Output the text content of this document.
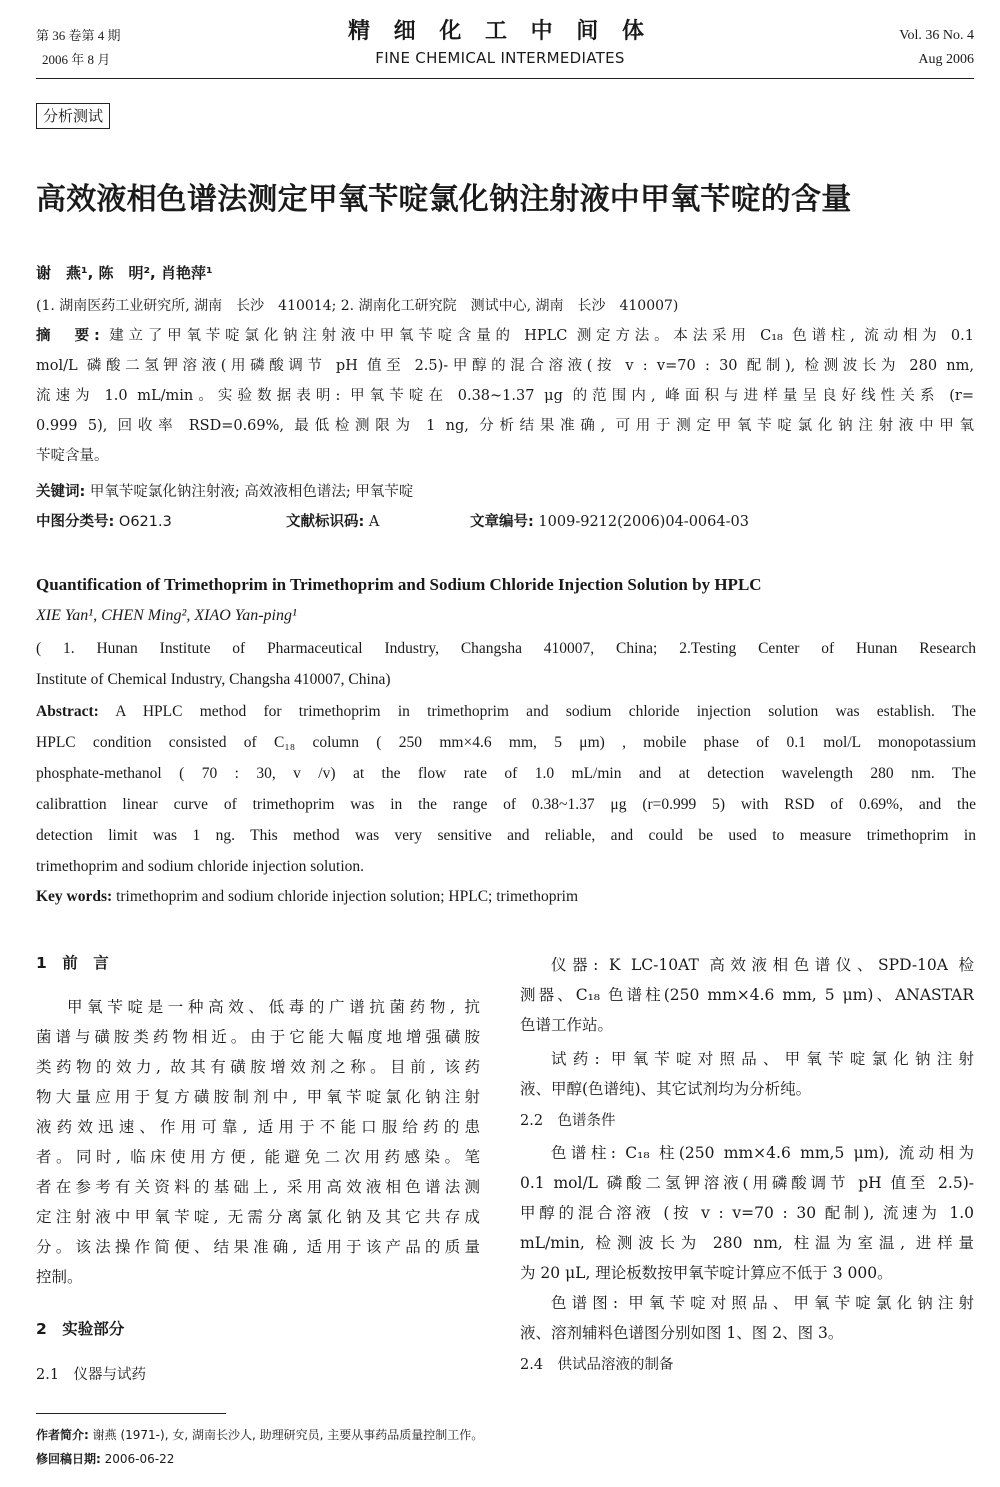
第 36 卷第 4 期
2006 年 8 月
精 细 化 工 中 间 体
FINE CHEMICAL INTERMEDIATES
Vol. 36 No. 4
Aug 2006
分析测试
高效液相色谱法测定甲氧苄啶氯化钠注射液中甲氧苄啶的含量
谢　燕¹, 陈　明², 肖艳萍¹
(1. 湖南医药工业研究所, 湖南　长沙　410014; 2. 湖南化工研究院　测试中心, 湖南　长沙　410007)
摘　要: 建立了甲氧苄啶氯化钠注射液中甲氧苄啶含量的 HPLC 测定方法。本法采用 C₁₈ 色谱柱, 流动相为 0.1
mol/L 磷酸二氢钾溶液(用磷酸调节 pH 值至 2.5)-甲醇的混合溶液(按 v : v=70 : 30 配制), 检测波长为 280 nm,
流速为 1.0 mL/min。实验数据表明: 甲氧苄啶在 0.38~1.37 μg 的范围内, 峰面积与进样量呈良好线性关系 (r=
0.999 5), 回收率 RSD=0.69%, 最低检测限为 1 ng, 分析结果准确, 可用于测定甲氧苄啶氯化钠注射液中甲氧
苄啶含量。
关键词: 甲氧苄啶氯化钠注射液; 高效液相色谱法; 甲氧苄啶
中图分类号: O621.3	文献标识码: A	文章编号: 1009-9212(2006)04-0064-03
Quantification of Trimethoprim in Trimethoprim and Sodium Chloride Injection Solution by HPLC
XIE Yan¹, CHEN Ming², XIAO Yan-ping¹
( 1. Hunan Institute of Pharmaceutical Industry, Changsha 410007, China; 2.Testing Center of Hunan Research
Institute of Chemical Industry, Changsha 410007, China)
Abstract: A HPLC method for trimethoprim in trimethoprim and sodium chloride injection solution was establish. The
HPLC condition consisted of C₁₈ column ( 250 mm×4.6 mm, 5 μm) , mobile phase of 0.1 mol/L monopotassium
phosphate-methanol ( 70 : 30, v /v) at the flow rate of 1.0 mL/min and at detection wavelength 280 nm. The
calibrattion linear curve of trimethoprim was in the range of 0.38~1.37 μg (r=0.999 5) with RSD of 0.69%, and the
detection limit was 1 ng. This method was very sensitive and reliable, and could be used to measure trimethoprim in
trimethoprim and sodium chloride injection solution.
Key words: trimethoprim and sodium chloride injection solution; HPLC; trimethoprim
1　前　言
甲氧苄啶是一种高效、低毒的广谱抗菌药物, 抗
菌谱与磺胺类药物相近。由于它能大幅度地增强磺胺
类药物的效力, 故其有磺胺增效剂之称。目前, 该药
物大量应用于复方磺胺制剂中, 甲氧苄啶氯化钠注射
液药效迅速、作用可靠, 适用于不能口服给药的患
者。同时, 临床使用方便, 能避免二次用药感染。笔
者在参考有关资料的基础上, 采用高效液相色谱法测
定注射液中甲氧苄啶, 无需分离氯化钠及其它共存成
分。该法操作简便、结果准确, 适用于该产品的质量
控制。
2　实验部分
2.1　仪器与试药
仪器: K LC-10AT 高效液相色谱仪、SPD-10A 检
测器、C₁₈ 色谱柱(250 mm×4.6 mm, 5 μm)、ANASTAR
色谱工作站。
试药: 甲氧苄啶对照品、甲氧苄啶氯化钠注射
液、甲醇(色谱纯)、其它试剂均为分析纯。
2.2　色谱条件
色谱柱: C₁₈ 柱(250 mm×4.6 mm,5 μm), 流动相为
0.1 mol/L 磷酸二氢钾溶液(用磷酸调节 pH 值至 2.5)-
甲醇的混合溶液 (按 v : v=70 : 30 配制), 流速为 1.0
mL/min, 检测波长为 280 nm, 柱温为室温, 进样量
为 20 μL, 理论板数按甲氧苄啶计算应不低于 3 000。
色谱图: 甲氧苄啶对照品、甲氧苄啶氯化钠注射
液、溶剂辅料色谱图分别如图 1、图 2、图 3。
2.4　供试品溶液的制备
作者简介: 谢燕 (1971-), 女, 湖南长沙人, 助理研究员, 主要从事药品质量控制工作。
修回稿日期: 2006-06-22
